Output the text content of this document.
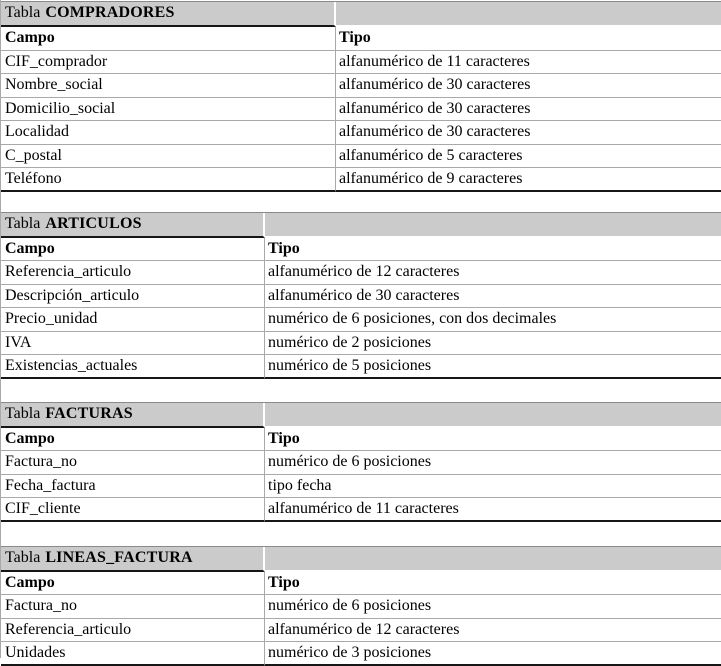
Tabla COMPRADORES
Campo	Tipo
CIF_comprador	alfanumérico de 11 caracteres
Nombre_social	alfanumérico de 30 caracteres
Domicilio_social	alfanumérico de 30 caracteres
Localidad	alfanumérico de 30 caracteres
C_postal	alfanumérico de 5 caracteres
Teléfono	alfanumérico de 9 caracteres
Tabla ARTICULOS
Campo	Tipo
Referencia_articulo	alfanumérico de 12 caracteres
Descripción_articulo	alfanumérico de 30 caracteres
Precio_unidad	numérico de 6 posiciones, con dos decimales
IVA	numérico de 2 posiciones
Existencias_actuales	numérico de 5 posiciones
Tabla FACTURAS
Campo	Tipo
Factura_no	numérico de 6 posiciones
Fecha_factura	tipo fecha
CIF_cliente	alfanumérico de 11 caracteres
Tabla LINEAS_FACTURA
Campo	Tipo
Factura_no	numérico de 6 posiciones
Referencia_articulo	alfanumérico de 12 caracteres
Unidades	numérico de 3 posiciones
